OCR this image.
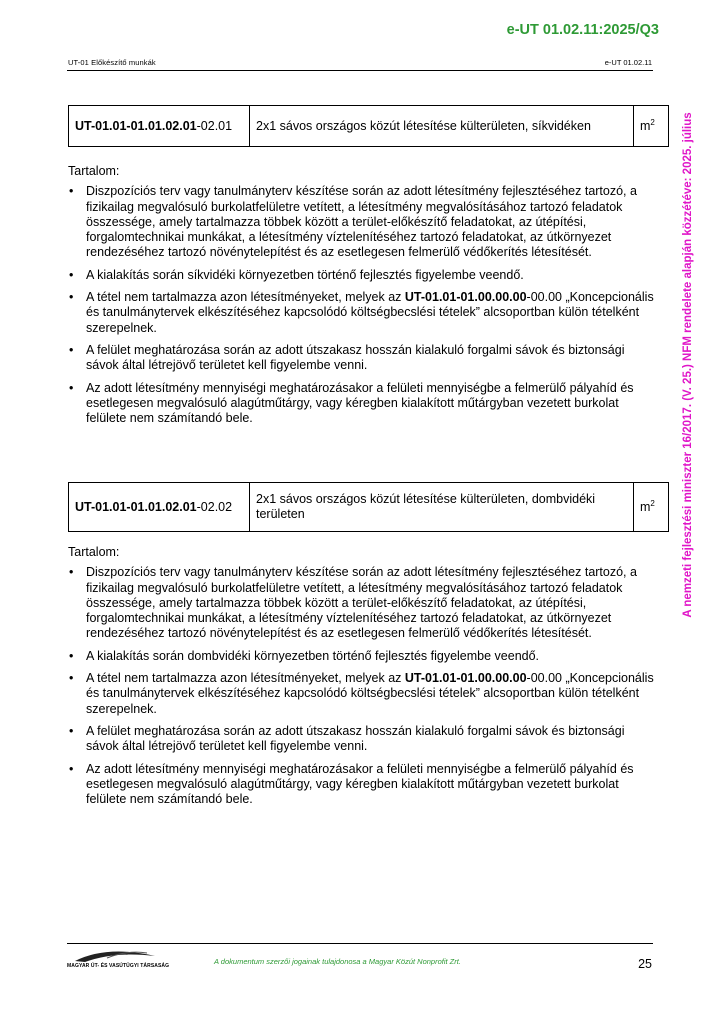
e-UT 01.02.11:2025/Q3
UT-01 Előkészítő munkák	e-UT 01.02.11
A nemzeti fejlesztési miniszter 16/2017. (V. 25.) NFM rendelete alapján közzétéve: 2025. július
UT-01.01-01.01.02.01-02.01	2x1 sávos országos közút létesítése külterületen, síkvidéken	$m^2$
Tartalom:
• Diszpozíciós terv vagy tanulmányterv készítése során az adott létesítmény fejlesztéséhez tartozó, a fizikailag megvalósuló burkolatfelületre vetített, a létesítmény megvalósításához tartozó feladatok összessége, amely tartalmazza többek között a terület-előkészítő feladatokat, az útépítési, forgalomtechnikai munkákat, a létesítmény víztelenítéséhez tartozó feladatokat, az útkörnyezet rendezéséhez tartozó növénytelepítést és az esetlegesen felmerülő védőkerítés létesítését.
• A kialakítás során síkvidéki környezetben történő fejlesztés figyelembe veendő.
• A tétel nem tartalmazza azon létesítményeket, melyek az UT-01.01-01.00.00.00-00.00 „Koncepcionális és tanulmánytervek elkészítéséhez kapcsolódó költségbecslési tételek” alcsoportban külön tételként szerepelnek.
• A felület meghatározása során az adott útszakasz hosszán kialakuló forgalmi sávok és biztonsági sávok által létrejövő területet kell figyelembe venni.
• Az adott létesítmény mennyiségi meghatározásakor a felületi mennyiségbe a felmerülő pályahíd és esetlegesen megvalósuló alagútműtárgy, vagy kéregben kialakított műtárgyban vezetett burkolat felülete nem számítandó bele.
UT-01.01-01.01.02.01-02.02	2x1 sávos országos közút létesítése külterületen, dombvidéki területen	$m^2$
Tartalom:
• Diszpozíciós terv vagy tanulmányterv készítése során az adott létesítmény fejlesztéséhez tartozó, a fizikailag megvalósuló burkolatfelületre vetített, a létesítmény megvalósításához tartozó feladatok összessége, amely tartalmazza többek között a terület-előkészítő feladatokat, az útépítési, forgalomtechnikai munkákat, a létesítmény víztelenítéséhez tartozó feladatokat, az útkörnyezet rendezéséhez tartozó növénytelepítést és az esetlegesen felmerülő védőkerítés létesítését.
• A kialakítás során dombvidéki környezetben történő fejlesztés figyelembe veendő.
• A tétel nem tartalmazza azon létesítményeket, melyek az UT-01.01-01.00.00.00-00.00 „Koncepcionális és tanulmánytervek elkészítéséhez kapcsolódó költségbecslési tételek” alcsoportban külön tételként szerepelnek.
• A felület meghatározása során az adott útszakasz hosszán kialakuló forgalmi sávok és biztonsági sávok által létrejövő területet kell figyelembe venni.
• Az adott létesítmény mennyiségi meghatározásakor a felületi mennyiségbe a felmerülő pályahíd és esetlegesen megvalósuló alagútműtárgy, vagy kéregben kialakított műtárgyban vezetett burkolat felülete nem számítandó bele.
MAGYAR ÚT- ÉS VASÚTÜGYI TÁRSASÁG	A dokumentum szerzői jogainak tulajdonosa a Magyar Közút Nonprofit Zrt.	25
